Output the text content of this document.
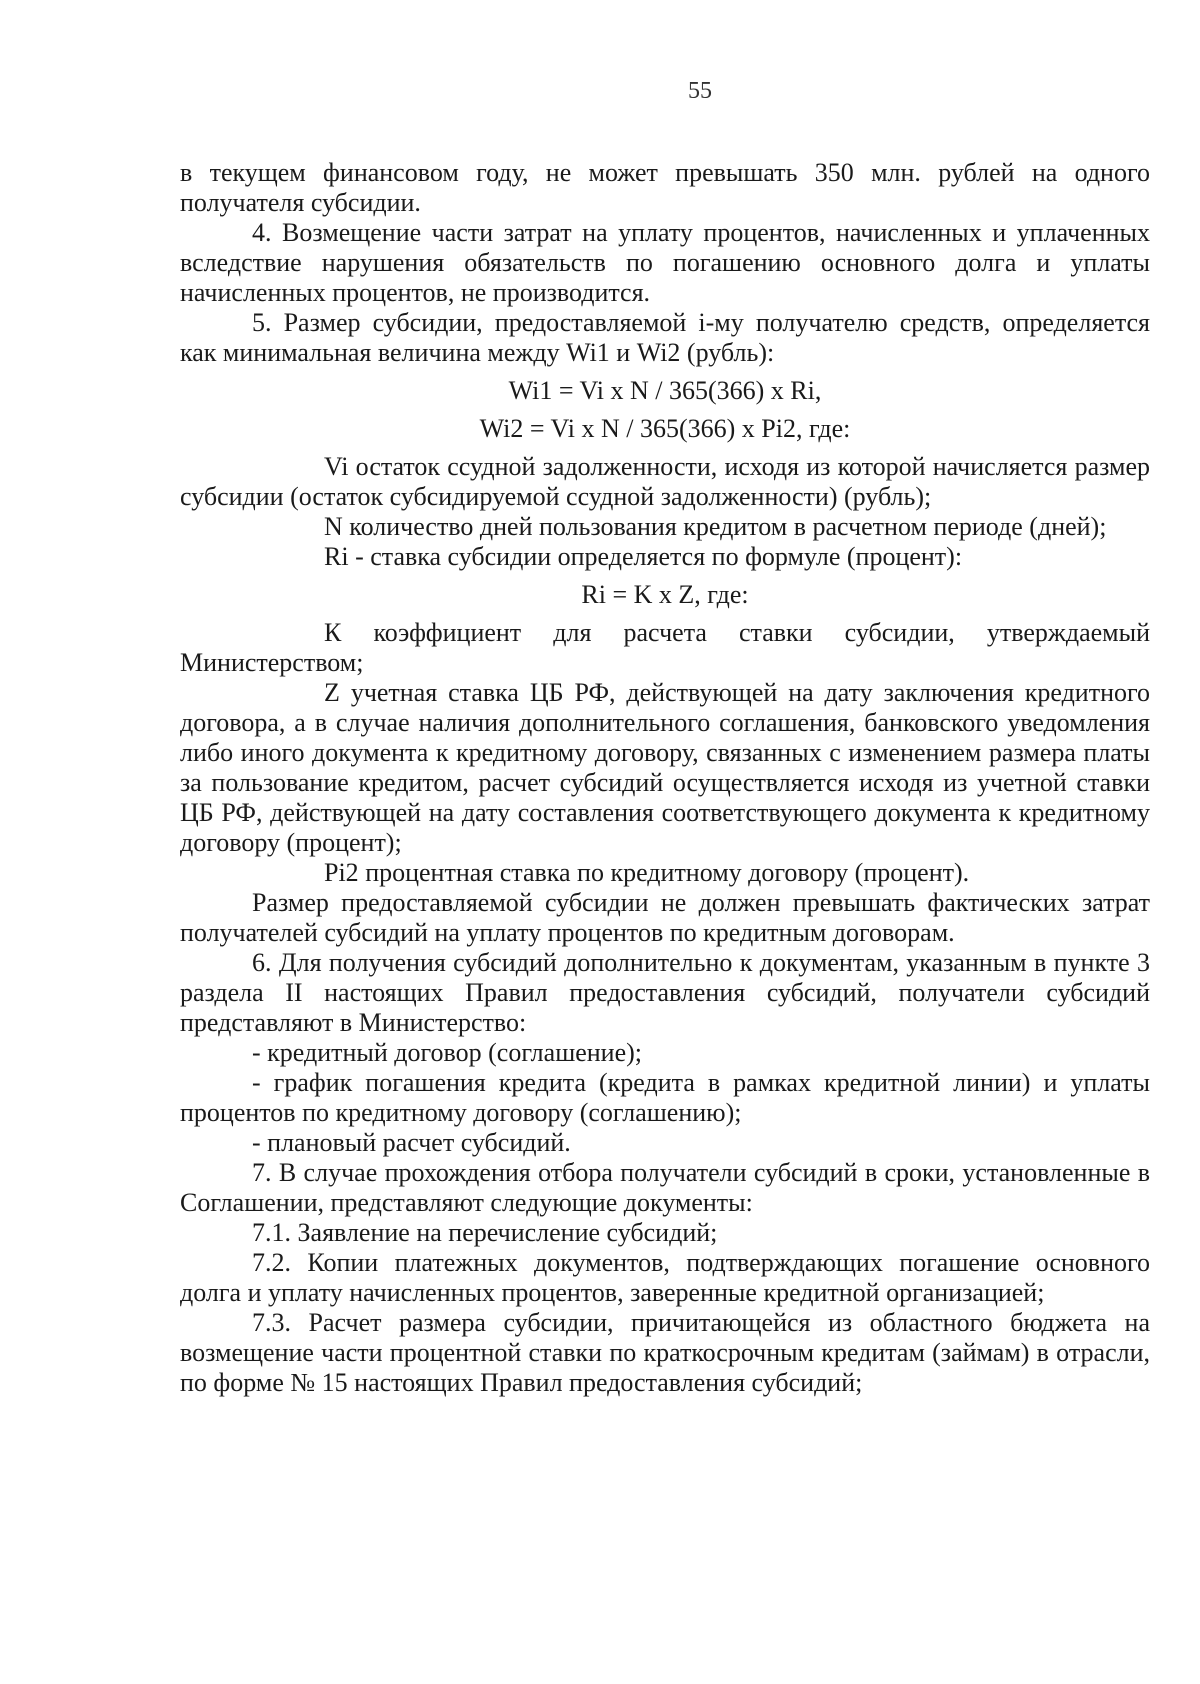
55

в текущем финансовом году, не может превышать 350 млн. рублей на одного получателя субсидии.

4. Возмещение части затрат на уплату процентов, начисленных и уплаченных вследствие нарушения обязательств по погашению основного долга и уплаты начисленных процентов, не производится.

5. Размер субсидии, предоставляемой i-му получателю средств, определяется как минимальная величина между Wi1 и Wi2 (рубль):

Wi1 = Vi x N / 365(366) x Ri,

Wi2 = Vi x N / 365(366) x Pi2, где:

Vi остаток ссудной задолженности, исходя из которой начисляется размер субсидии (остаток субсидируемой ссудной задолженности) (рубль);

N количество дней пользования кредитом в расчетном периоде (дней);

Ri - ставка субсидии определяется по формуле (процент):

Ri = K x Z, где:

К коэффициент для расчета ставки субсидии, утверждаемый Министерством;

Z учетная ставка ЦБ РФ, действующей на дату заключения кредитного договора, а в случае наличия дополнительного соглашения, банковского уведомления либо иного документа к кредитному договору, связанных с изменением размера платы за пользование кредитом, расчет субсидий осуществляется исходя из учетной ставки ЦБ РФ, действующей на дату составления соответствующего документа к кредитному договору (процент);

Pi2 процентная ставка по кредитному договору (процент).

Размер предоставляемой субсидии не должен превышать фактических затрат получателей субсидий на уплату процентов по кредитным договорам.

6. Для получения субсидий дополнительно к документам, указанным в пункте 3 раздела II настоящих Правил предоставления субсидий, получатели субсидий представляют в Министерство:

- кредитный договор (соглашение);

- график погашения кредита (кредита в рамках кредитной линии) и уплаты процентов по кредитному договору (соглашению);

- плановый расчет субсидий.

7. В случае прохождения отбора получатели субсидий в сроки, установленные в Соглашении, представляют следующие документы:

7.1. Заявление на перечисление субсидий;

7.2. Копии платежных документов, подтверждающих погашение основного долга и уплату начисленных процентов, заверенные кредитной организацией;

7.3. Расчет размера субсидии, причитающейся из областного бюджета на возмещение части процентной ставки по краткосрочным кредитам (займам) в отрасли, по форме № 15 настоящих Правил предоставления субсидий;
